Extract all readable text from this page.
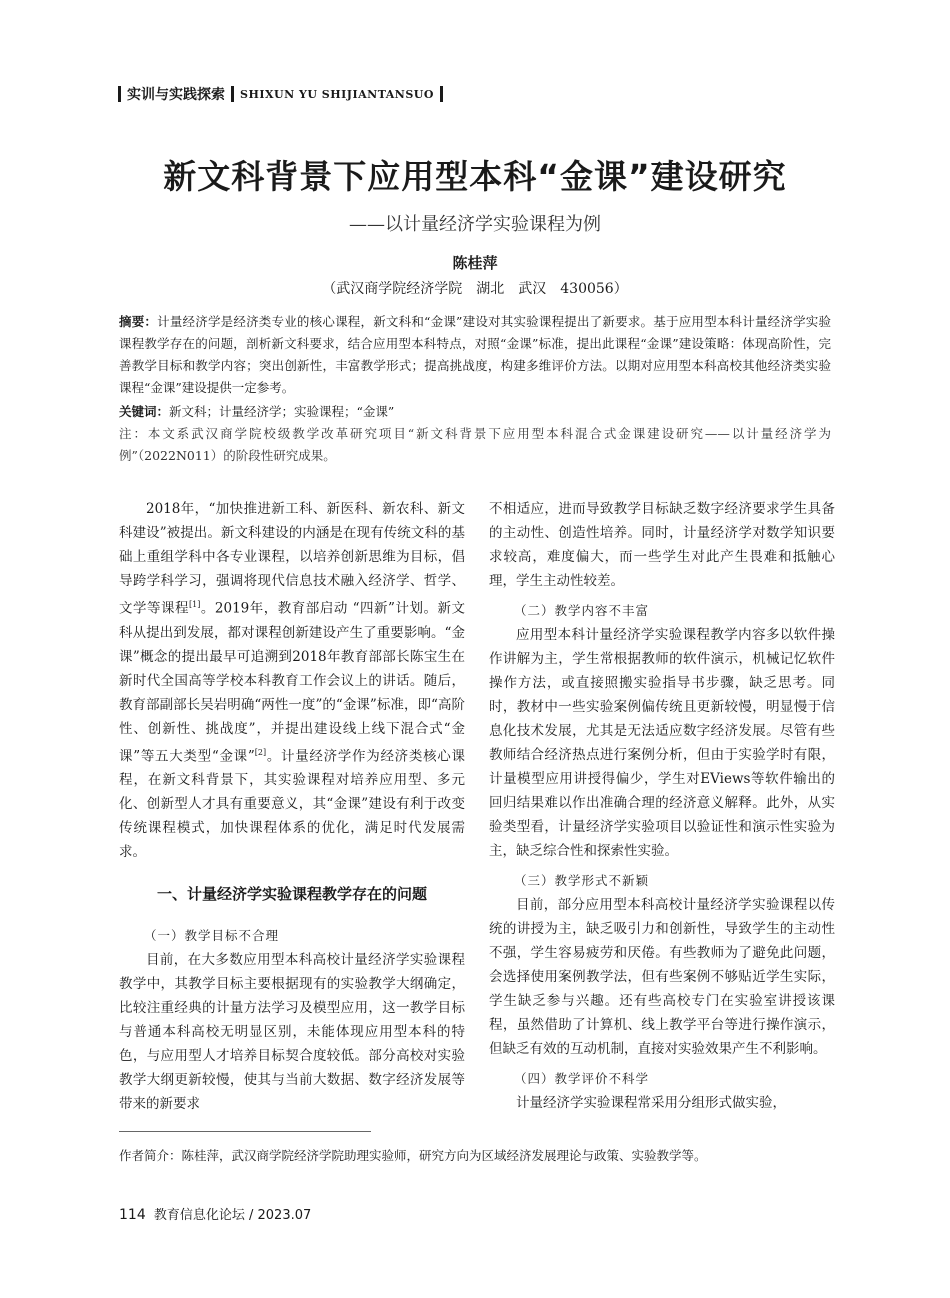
实训与实践探索 SHIXUN YU SHIJIANTANSUO
新文科背景下应用型本科“金课”建设研究
——以计量经济学实验课程为例
陈桂萍
（武汉商学院经济学院　湖北　武汉　430056）

摘要：计量经济学是经济类专业的核心课程，新文科和“金课”建设对其实验课程提出了新要求。基于应用型本科计量经济学实验课程教学存在的问题，剖析新文科要求，结合应用型本科特点，对照“金课”标准，提出此课程“金课”建设策略：体现高阶性，完善教学目标和教学内容；突出创新性，丰富教学形式；提高挑战度，构建多维评价方法。以期对应用型本科高校其他经济类实验课程“金课”建设提供一定参考。

关键词：新文科；计量经济学；实验课程；“金课”

注：本文系武汉商学院校级教学改革研究项目“新文科背景下应用型本科混合式金课建设研究——以计量经济学为例”（2022N011）的阶段性研究成果。

2018年，“加快推进新工科、新医科、新农科、新文科建设”被提出。新文科建设的内涵是在现有传统文科的基础上重组学科中各专业课程，以培养创新思维为目标，倡导跨学科学习，强调将现代信息技术融入经济学、哲学、文学等课程[1]。2019年，教育部启动 “四新”计划。新文科从提出到发展，都对课程创新建设产生了重要影响。“金课”概念的提出最早可追溯到2018年教育部部长陈宝生在新时代全国高等学校本科教育工作会议上的讲话。随后，教育部副部长吴岩明确“两性一度”的“金课”标准，即“高阶性、创新性、挑战度”，并提出建设线上线下混合式“金课”等五大类型“金课”[2]。计量经济学作为经济类核心课程，在新文科背景下，其实验课程对培养应用型、多元化、创新型人才具有重要意义，其“金课”建设有利于改变传统课程模式，加快课程体系的优化，满足时代发展需求。

一、计量经济学实验课程教学存在的问题
（一）教学目标不合理

目前，在大多数应用型本科高校计量经济学实验课程教学中，其教学目标主要根据现有的实验教学大纲确定，比较注重经典的计量方法学习及模型应用，这一教学目标与普通本科高校无明显区别，未能体现应用型本科的特色，与应用型人才培养目标契合度较低。部分高校对实验教学大纲更新较慢，使其与当前大数据、数字经济发展等带来的新要求

不相适应，进而导致教学目标缺乏数字经济要求学生具备的主动性、创造性培养。同时，计量经济学对数学知识要求较高，难度偏大，而一些学生对此产生畏难和抵触心理，学生主动性较差。

（二）教学内容不丰富

应用型本科计量经济学实验课程教学内容多以软件操作讲解为主，学生常根据教师的软件演示，机械记忆软件操作方法，或直接照搬实验指导书步骤，缺乏思考。同时，教材中一些实验案例偏传统且更新较慢，明显慢于信息化技术发展，尤其是无法适应数字经济发展。尽管有些教师结合经济热点进行案例分析，但由于实验学时有限，计量模型应用讲授得偏少，学生对EViews等软件输出的回归结果难以作出准确合理的经济意义解释。此外，从实验类型看，计量经济学实验项目以验证性和演示性实验为主，缺乏综合性和探索性实验。

（三）教学形式不新颖

目前，部分应用型本科高校计量经济学实验课程以传统的讲授为主，缺乏吸引力和创新性，导致学生的主动性不强，学生容易疲劳和厌倦。有些教师为了避免此问题，会选择使用案例教学法，但有些案例不够贴近学生实际，学生缺乏参与兴趣。还有些高校专门在实验室讲授该课程，虽然借助了计算机、线上教学平台等进行操作演示，但缺乏有效的互动机制，直接对实验效果产生不利影响。

（四）教学评价不科学

计量经济学实验课程常采用分组形式做实验，

作者简介：陈桂萍，武汉商学院经济学院助理实验师，研究方向为区域经济发展理论与政策、实验教学等。
114 教育信息化论坛 / 2023.07
